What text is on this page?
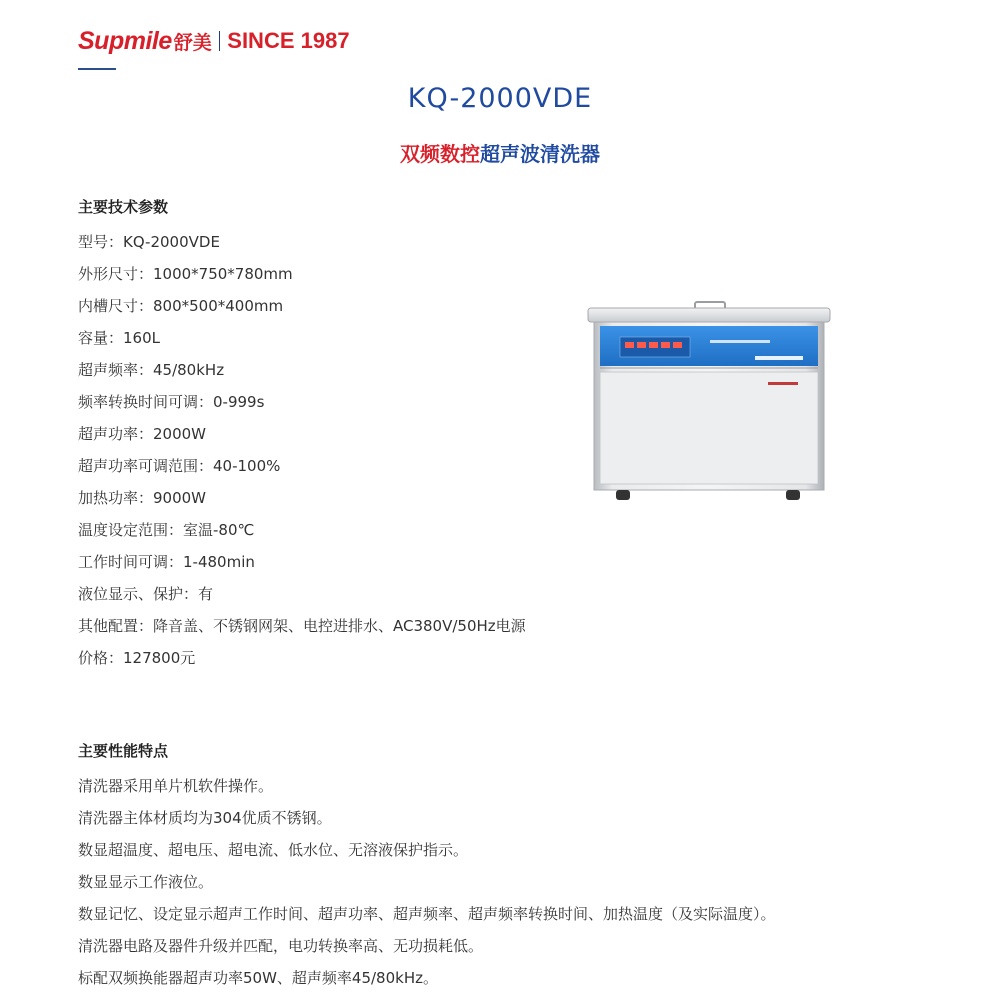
Supmile 舒美 SINCE 1987
KQ-2000VDE
双频数控超声波清洗器
主要技术参数
型号：KQ-2000VDE
外形尺寸：1000*750*780mm
内槽尺寸：800*500*400mm
容量：160L
超声频率：45/80kHz
频率转换时间可调：0-999s
超声功率：2000W
超声功率可调范围：40-100%
加热功率：9000W
温度设定范围：室温-80℃
工作时间可调：1-480min
液位显示、保护：有
其他配置：降音盖、不锈钢网架、电控进排水、AC380V/50Hz电源
价格：127800元
主要性能特点
清洗器采用单片机软件操作。
清洗器主体材质均为304优质不锈钢。
数显超温度、超电压、超电流、低水位、无溶液保护指示。
数显显示工作液位。
数显记忆、设定显示超声工作时间、超声功率、超声频率、超声频率转换时间、加热温度（及实际温度）。
清洗器电路及器件升级并匹配，电功转换率高、无功损耗低。
标配双频换能器超声功率50W、超声频率45/80kHz。
